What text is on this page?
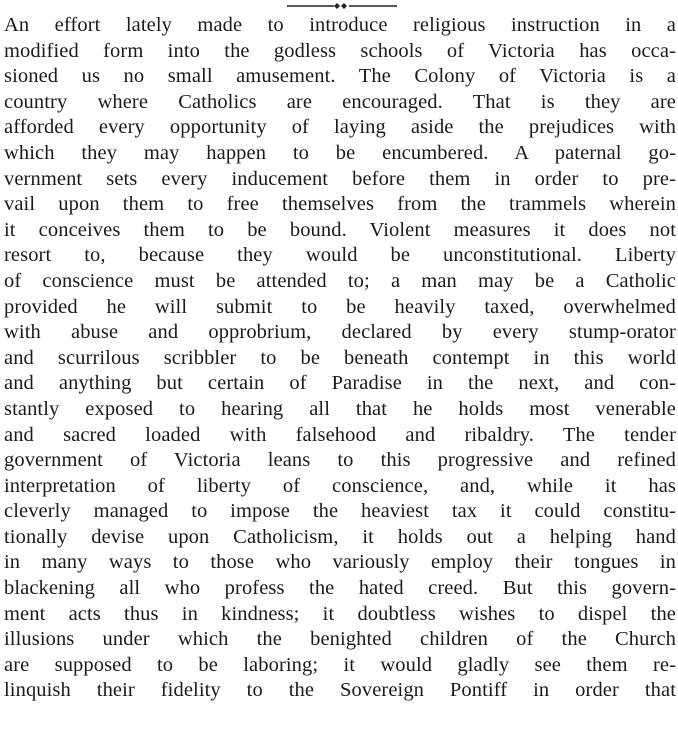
An effort lately made to introduce religious instruction in a
modified form into the godless schools of Victoria has occa-
sioned us no small amusement. The Colony of Victoria is a
country where Catholics are encouraged. That is they are
afforded every opportunity of laying aside the prejudices with
which they may happen to be encumbered. A paternal go-
vernment sets every inducement before them in order to pre-
vail upon them to free themselves from the trammels wherein
it conceives them to be bound. Violent measures it does not
resort to, because they would be unconstitutional. Liberty
of conscience must be attended to; a man may be a Catholic
provided he will submit to be heavily taxed, overwhelmed
with abuse and opprobrium, declared by every stump-orator
and scurrilous scribbler to be beneath contempt in this world
and anything but certain of Paradise in the next, and con-
stantly exposed to hearing all that he holds most venerable
and sacred loaded with falsehood and ribaldry. The tender
government of Victoria leans to this progressive and refined
interpretation of liberty of conscience, and, while it has
cleverly managed to impose the heaviest tax it could constitu-
tionally devise upon Catholicism, it holds out a helping hand
in many ways to those who variously employ their tongues in
blackening all who profess the hated creed. But this govern-
ment acts thus in kindness; it doubtless wishes to dispel the
illusions under which the benighted children of the Church
are supposed to be laboring; it would gladly see them re-
linquish their fidelity to the Sovereign Pontiff in order that
